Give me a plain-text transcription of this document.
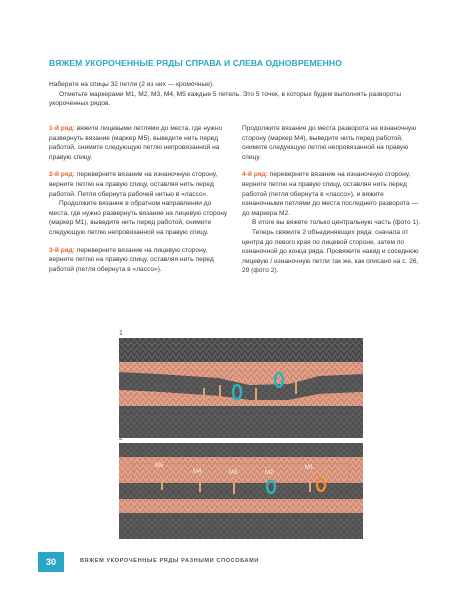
ВЯЖЕМ УКОРОЧЕННЫЕ РЯДЫ СПРАВА И СЛЕВА ОДНОВРЕМЕННО

Наберите на спицы 32 петли (2 из них — кромочные).

Отметьте маркерами М1, М2, М3, М4, М5 каждые 5 петель. Это 5 точек, в которых будем выполнять развороты укороченных рядов.

1-й ряд: вяжите лицевыми петлями до места, где нужно развернуть вязание (маркер М5), выведите нить перед работой, снимите следующую петлю непровязанной на правую спицу.

2-й ряд: переверните вязание на изнаночную сторону, верните петлю на правую спицу, оставляя нить перед работой. Петля обернута рабочей нитью в «лассо».

Продолжите вязание в обратном направлении до места, где нужно развернуть вязание на лицевую сторону (маркер М1), выведите нить перед работой, снимите следующую петлю непровязанной на правую спицу.

3-й ряд: переверните вязание на лицевую сторону, верните петлю на правую спицу, оставляя нить перед работой (петля обернута в «лассо»).

Продолжите вязание до места разворота на изнаночную сторону (маркер М4), выведите нить перед работой, снимите следующую петлю непровязанной на правую спицу.

4-й ряд: переверните вязание на изнаночную сторону, верните петлю на правую спицу, оставляя нить перед работой (петля обернута в «лассо»), и вяжите изнаночными петлями до места последнего разворота — до маркера М2.

В итоге вы вяжете только центральную часть (фото 1).

Теперь свяжите 2 объединяющих ряда: сначала от центра до левого края по лицевой стороне, затем по изнаночной до конца ряда. Провяжите накид и соседнюю лицевую / изнаночную петли так же, как описано на с. 26, 29 (фото 2).

1
2
М5
М4	М3	М2
М1
30	ВЯЖЕМ УКОРОЧЕННЫЕ РЯДЫ РАЗНЫМИ СПОСОБАМИ
